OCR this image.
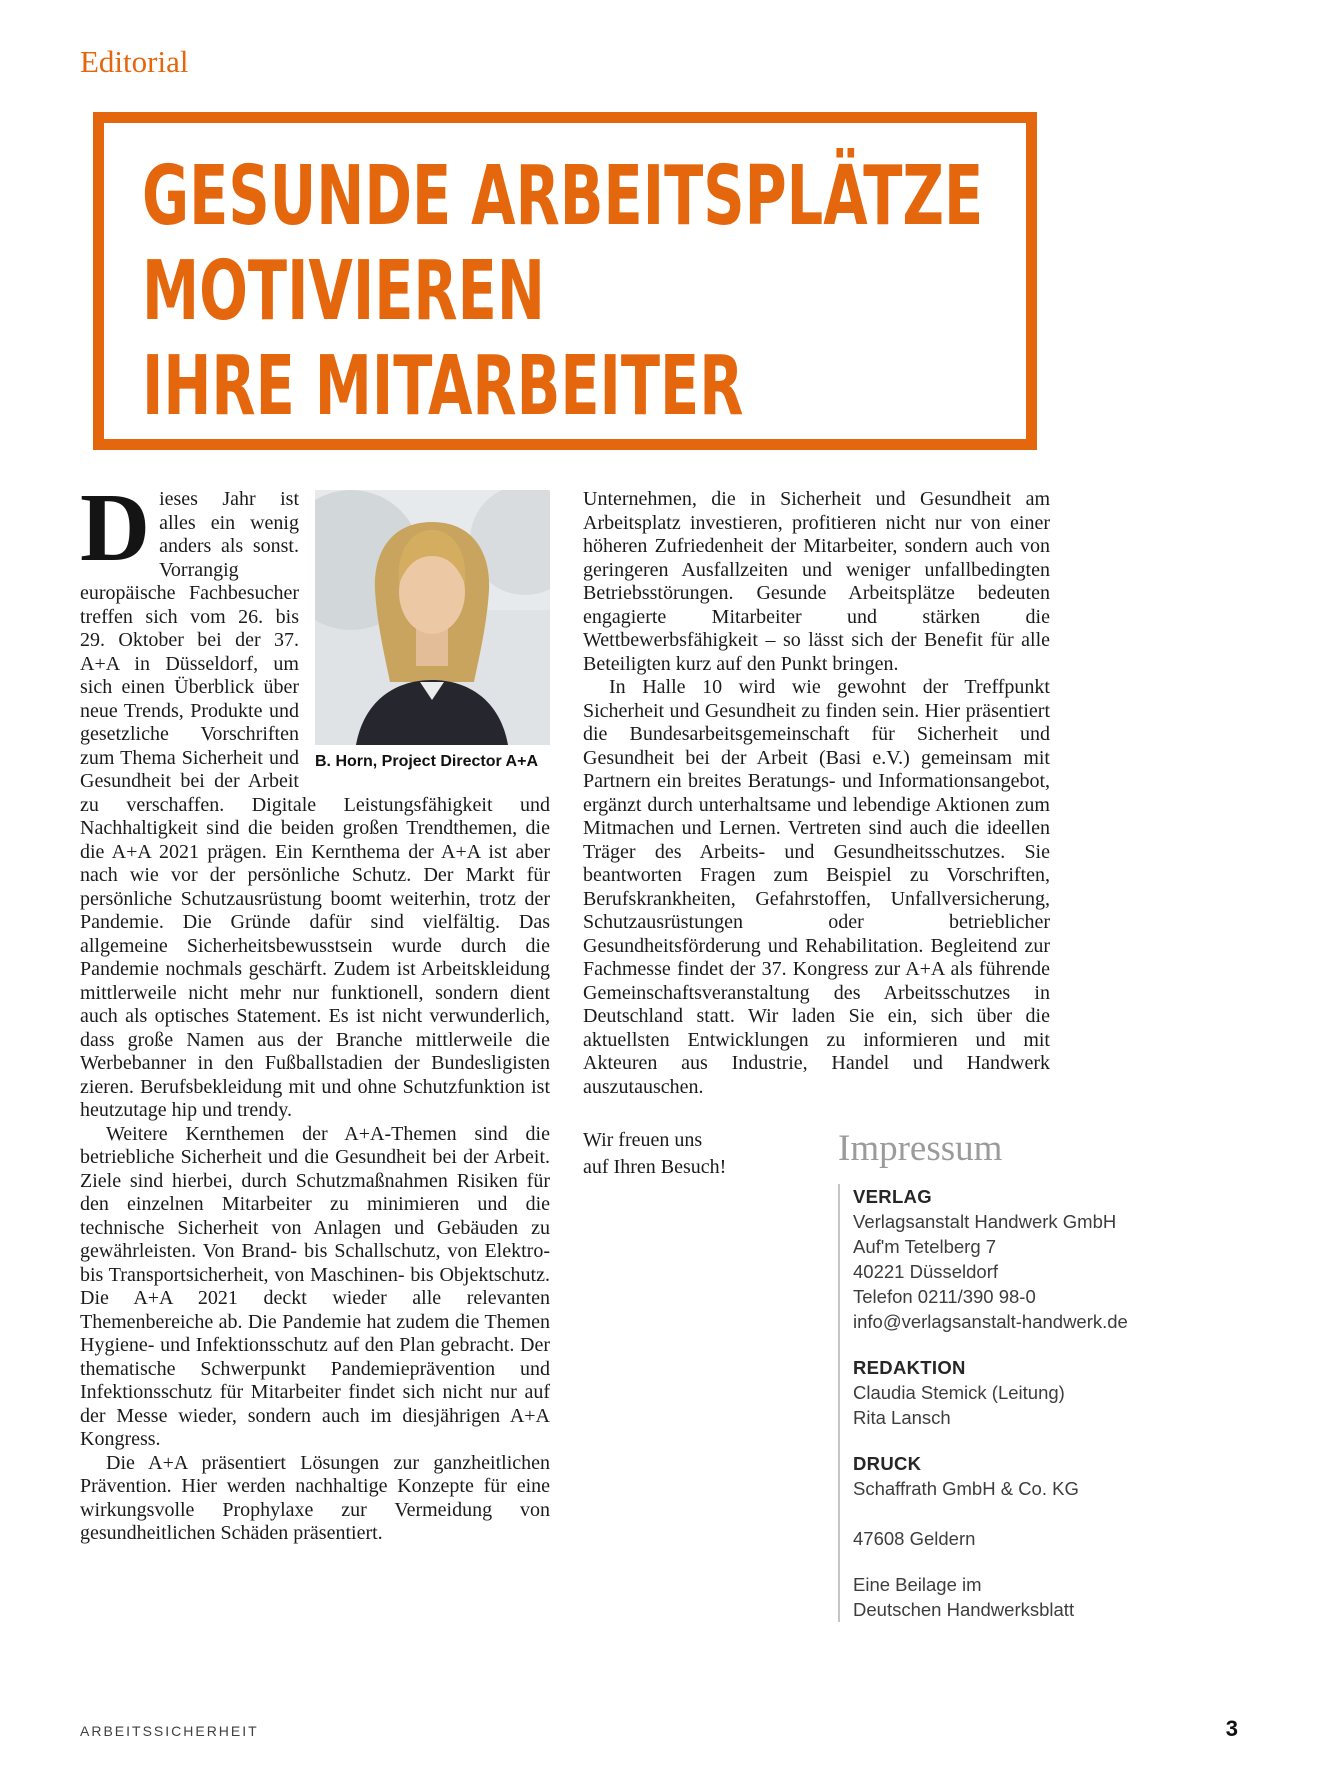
Editorial
GESUNDE ARBEITSPLÄTZE
MOTIVIEREN
IHRE MITARBEITER
B. Horn, Project Director A+A

Dieses Jahr ist alles ein wenig anders als sonst. Vorrangig europäische Fachbesucher treffen sich vom 26. bis 29. Oktober bei der 37. A+A in Düsseldorf, um sich einen Überblick über neue Trends, Produkte und gesetzliche Vorschriften zum Thema Sicherheit und Gesundheit bei der Arbeit zu verschaffen. Digitale Leistungsfähigkeit und Nachhaltigkeit sind die beiden großen Trendthemen, die die A+A 2021 prägen. Ein Kernthema der A+A ist aber nach wie vor der persönliche Schutz. Der Markt für persönliche Schutzausrüstung boomt weiterhin, trotz der Pandemie. Die Gründe dafür sind vielfältig. Das allgemeine Sicherheitsbewusstsein wurde durch die Pandemie nochmals geschärft. Zudem ist Arbeitskleidung mittlerweile nicht mehr nur funktionell, sondern dient auch als optisches Statement. Es ist nicht verwunderlich, dass große Namen aus der Branche mittlerweile die Werbebanner in den Fußballstadien der Bundesligisten zieren. Berufsbekleidung mit und ohne Schutzfunktion ist heutzutage hip und trendy.

Weitere Kernthemen der A+A-Themen sind die betriebliche Sicherheit und die Gesundheit bei der Arbeit. Ziele sind hierbei, durch Schutzmaßnahmen Risiken für den einzelnen Mitarbeiter zu minimieren und die technische Sicherheit von Anlagen und Gebäuden zu gewährleisten. Von Brand- bis Schallschutz, von Elektro- bis Transportsicherheit, von Maschinen- bis Objektschutz. Die A+A 2021 deckt wieder alle relevanten Themenbereiche ab. Die Pandemie hat zudem die Themen Hygiene- und Infektionsschutz auf den Plan gebracht. Der thematische Schwerpunkt Pandemieprävention und Infektionsschutz für Mitarbeiter findet sich nicht nur auf der Messe wieder, sondern auch im diesjährigen A+A Kongress.

Die A+A präsentiert Lösungen zur ganzheitlichen Prävention. Hier werden nachhaltige Konzepte für eine wirkungsvolle Prophylaxe zur Vermeidung von gesundheitlichen Schäden präsentiert.

Unternehmen, die in Sicherheit und Gesundheit am Arbeitsplatz investieren, profitieren nicht nur von einer höheren Zufriedenheit der Mitarbeiter, sondern auch von geringeren Ausfallzeiten und weniger unfallbedingten Betriebsstörungen. Gesunde Arbeitsplätze bedeuten engagierte Mitarbeiter und stärken die Wettbewerbsfähigkeit – so lässt sich der Benefit für alle Beteiligten kurz auf den Punkt bringen.

In Halle 10 wird wie gewohnt der Treffpunkt Sicherheit und Gesundheit zu finden sein. Hier präsentiert die Bundesarbeitsgemeinschaft für Sicherheit und Gesundheit bei der Arbeit (Basi e.V.) gemeinsam mit Partnern ein breites Beratungs- und Informationsangebot, ergänzt durch unterhaltsame und lebendige Aktionen zum Mitmachen und Lernen. Vertreten sind auch die ideellen Träger des Arbeits- und Gesundheitsschutzes. Sie beantworten Fragen zum Beispiel zu Vorschriften, Berufskrankheiten, Gefahrstoffen, Unfallversicherung, Schutzausrüstungen oder betrieblicher Gesundheitsförderung und Rehabilitation. Begleitend zur Fachmesse findet der 37. Kongress zur A+A als führende Gemeinschaftsveranstaltung des Arbeitsschutzes in Deutschland statt. Wir laden Sie ein, sich über die aktuellsten Entwicklungen zu informieren und mit Akteuren aus Industrie, Handel und Handwerk auszutauschen.

Wir freuen uns
auf Ihren Besuch!	Impressum
VERLAG
Verlagsanstalt Handwerk GmbH
Auf'm Tetelberg 7
40221 Düsseldorf
Telefon 0211/390 98-0
info@verlagsanstalt-handwerk.de
REDAKTION
Claudia Stemick (Leitung)
Rita Lansch
DRUCK
Schaffrath GmbH & Co. KG
47608 Geldern
Eine Beilage im
Deutschen Handwerksblatt
ARBEITSSICHERHEIT	3
